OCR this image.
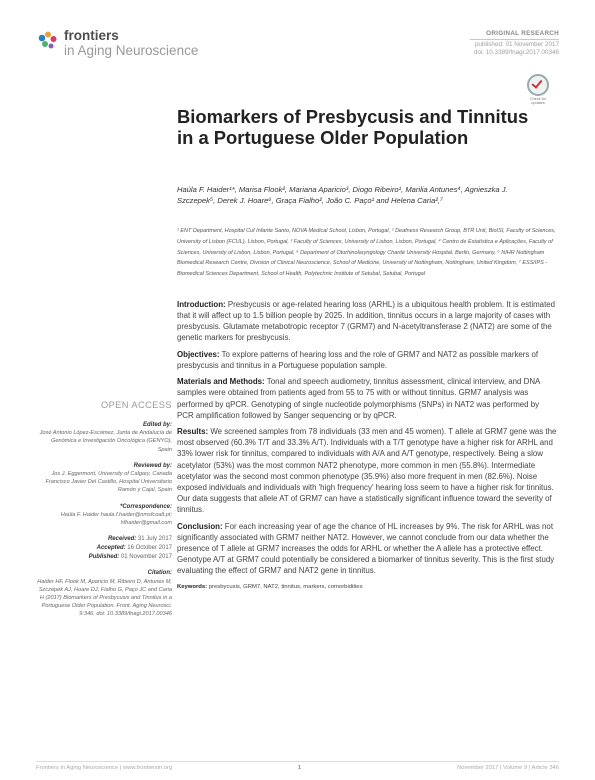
frontiers
in Aging Neuroscience
ORIGINAL RESEARCH
published: 01 November 2017
doi: 10.3389/fnagi.2017.00346
Check for updates
Biomarkers of Presbycusis and Tinnitus in a Portuguese Older Population
Haúla F. Haider¹*, Marisa Flook², Mariana Aparicio³, Diogo Ribeiro¹, Marilia Antunes⁴, Agnieszka J. Szczepek⁵, Derek J. Hoare⁶, Graça Fialho², João C. Paço¹ and Helena Caria²,⁷
¹ ENT Department, Hospital Cuf Infante Santo, NOVA Medical School, Lisbon, Portugal, ² Deafness Research Group, BTR Unit, BioISI, Faculty of Sciences, University of Lisbon (FCUL), Lisbon, Portugal, ³ Faculty of Sciences, University of Lisbon, Lisbon, Portugal, ⁴ Centro de Estatística e Aplicações, Faculty of Sciences, University of Lisbon, Lisbon, Portugal, ⁵ Department of Otorhinolaryngology Charité University Hospital, Berlin, Germany, ⁶ NIHR Nottingham Biomedical Research Centre, Division of Clinical Neuroscience, School of Medicine, University of Nottingham, Nottingham, United Kingdom, ⁷ ESS/IPS - Biomedical Sciences Department, School of Health, Polytechnic Institute of Setubal, Setubal, Portugal

Introduction: Presbycusis or age-related hearing loss (ARHL) is a ubiquitous health problem. It is estimated that it will affect up to 1.5 billion people by 2025. In addition, tinnitus occurs in a large majority of cases with presbycusis. Glutamate metabotropic receptor 7 (GRM7) and N-acetyltransferase 2 (NAT2) are some of the genetic markers for presbycusis.

Objectives: To explore patterns of hearing loss and the role of GRM7 and NAT2 as possible markers of presbycusis and tinnitus in a Portuguese population sample.

Materials and Methods: Tonal and speech audiometry, tinnitus assessment, clinical interview, and DNA samples were obtained from patients aged from 55 to 75 with or without tinnitus. GRM7 analysis was performed by qPCR. Genotyping of single nucleotide polymorphisms (SNPs) in NAT2 was performed by PCR amplification followed by Sanger sequencing or by qPCR.

Results: We screened samples from 78 individuals (33 men and 45 women). T allele at GRM7 gene was the most observed (60.3% T/T and 33.3% A/T). Individuals with a T/T genotype have a higher risk for ARHL and 33% lower risk for tinnitus, compared to individuals with A/A and A/T genotype, respectively. Being a slow acetylator (53%) was the most common NAT2 phenotype, more common in men (55.8%). Intermediate acetylator was the second most common phenotype (35.9%) also more frequent in men (82.6%). Noise exposed individuals and individuals with 'high frequency' hearing loss seem to have a higher risk for tinnitus. Our data suggests that allele AT of GRM7 can have a statistically significant influence toward the severity of tinnitus.

Conclusion: For each increasing year of age the chance of HL increases by 9%. The risk for ARHL was not significantly associated with GRM7 neither NAT2. However, we cannot conclude from our data whether the presence of T allele at GRM7 increases the odds for ARHL or whether the A allele has a protective effect. Genotype A/T at GRM7 could potentially be considered a biomarker of tinnitus severity. This is the first study evaluating the effect of GRM7 and NAT2 gene in tinnitus.

Keywords: presbycusis, GRM7, NAT2, tinnitus, markers, comorbidities

OPEN ACCESS
Edited by:
José Antonio López-Escámez, Junta de Andalucía de Genómica e Investigación Oncológica (GENYO), Spain
Reviewed by:
Jos J. Eggermont, University of Calgary, Canada
Francisco Javier Del Castillo, Hospital Universitario Ramón y Cajal, Spain
*Correspondence:
Haúla F. Haider haula.f.haider@nmsfcoalt.pt; hfhaider@gmail.com
Received: 31 July 2017
Accepted: 16 October 2017
Published: 01 November 2017
Citation:
Haider HF, Flook M, Aparicio M, Ribeiro D, Antunes M, Szczepek AJ, Hoare DJ, Fialho G, Paço JC and Caria H (2017) Biomarkers of Presbycusis and Tinnitus in a Portuguese Older Population. Front. Aging Neurosci. 9:346. doi: 10.3389/fnagi.2017.00346
Frontiers in Aging Neuroscience | www.frontiersin.org	1	November 2017 | Volume 9 | Article 346
